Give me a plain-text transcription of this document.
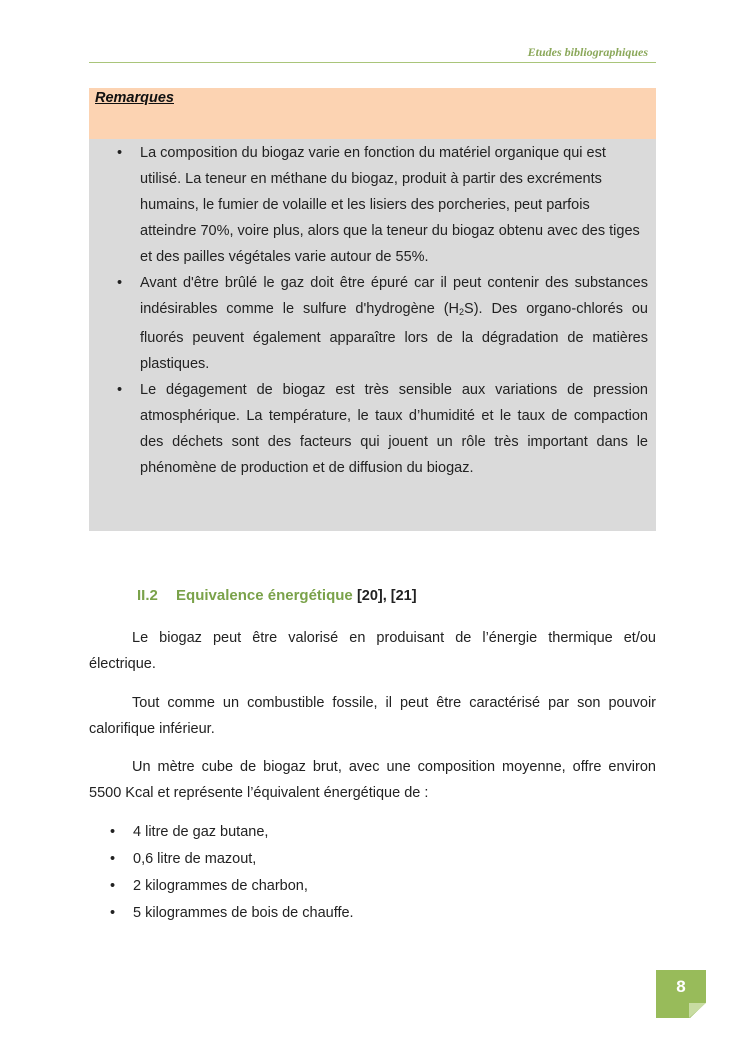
Etudes bibliographiques
Remarques
• La composition du biogaz varie en fonction du matériel organique qui est utilisé. La teneur en méthane du biogaz, produit à partir des excréments humains, le fumier de volaille et les lisiers des porcheries, peut parfois atteindre 70%, voire plus, alors que la teneur du biogaz obtenu avec des tiges et des pailles végétales varie autour de 55%.

• Avant d'être brûlé le gaz doit être épuré car il peut contenir des substances indésirables comme le sulfure d'hydrogène $(H_2S)$. Des organo-chlorés ou fluorés peuvent également apparaître lors de la dégradation de matières plastiques.

• Le dégagement de biogaz est très sensible aux variations de pression atmosphérique. La température, le taux d’humidité et le taux de compaction des déchets sont des facteurs qui jouent un rôle très important dans le phénomène de production et de diffusion du biogaz.

II.2 Equivalence énergétique [20], [21]

Le biogaz peut être valorisé en produisant de l’énergie thermique et/ou électrique.

Tout comme un combustible fossile, il peut être caractérisé par son pouvoir calorifique inférieur.

Un mètre cube de biogaz brut, avec une composition moyenne, offre environ 5500 Kcal et représente l’équivalent énergétique de :

• 4 litre de gaz butane,
• 0,6 litre de mazout,
• 2 kilogrammes de charbon,
• 5 kilogrammes de bois de chauffe.
8
